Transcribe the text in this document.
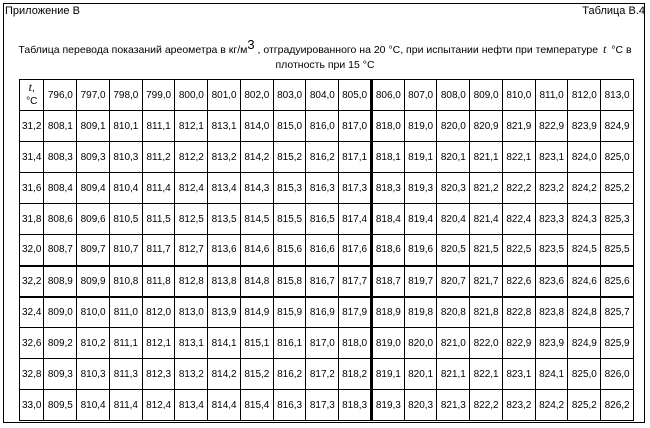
Приложение В	Таблица В.4
Таблица перевода показаний ареометра в кг/м3 , отградуированного на 20 °С, при испытании нефти при температуре t °С в
плотность при 15 °С
t,
°С	796,0	797,0	798,0	799,0	800,0	801,0	802,0	803,0	804,0	805,0	806,0	807,0	808,0	809,0	810,0	811,0	812,0	813,0
31,2	808,1	809,1	810,1	811,1	812,1	813,1	814,0	815,0	816,0	817,0	818,0	819,0	820,0	820,9	821,9	822,9	823,9	824,9
31,4	808,3	809,3	810,3	811,2	812,2	813,2	814,2	815,2	816,2	817,1	818,1	819,1	820,1	821,1	822,1	823,1	824,0	825,0
31,6	808,4	809,4	810,4	811,4	812,4	813,4	814,3	815,3	816,3	817,3	818,3	819,3	820,3	821,2	822,2	823,2	824,2	825,2
31,8	808,6	809,6	810,5	811,5	812,5	813,5	814,5	815,5	816,5	817,4	818,4	819,4	820,4	821,4	822,4	823,3	824,3	825,3
32,0	808,7	809,7	810,7	811,7	812,7	813,6	814,6	815,6	816,6	817,6	818,6	819,6	820,5	821,5	822,5	823,5	824,5	825,5
32,2	808,9	809,9	810,8	811,8	812,8	813,8	814,8	815,8	816,7	817,7	818,7	819,7	820,7	821,7	822,6	823,6	824,6	825,6
32,4	809,0	810,0	811,0	812,0	813,0	813,9	814,9	815,9	816,9	817,9	818,9	819,8	820,8	821,8	822,8	823,8	824,8	825,7
32,6	809,2	810,2	811,1	812,1	813,1	814,1	815,1	816,1	817,0	818,0	819,0	820,0	821,0	822,0	822,9	823,9	824,9	825,9
32,8	809,3	810,3	811,3	812,3	813,2	814,2	815,2	816,2	817,2	818,2	819,1	820,1	821,1	822,1	823,1	824,1	825,0	826,0
33,0	809,5	810,4	811,4	812,4	813,4	814,4	815,4	816,3	817,3	818,3	819,3	820,3	821,3	822,2	823,2	824,2	825,2	826,2
